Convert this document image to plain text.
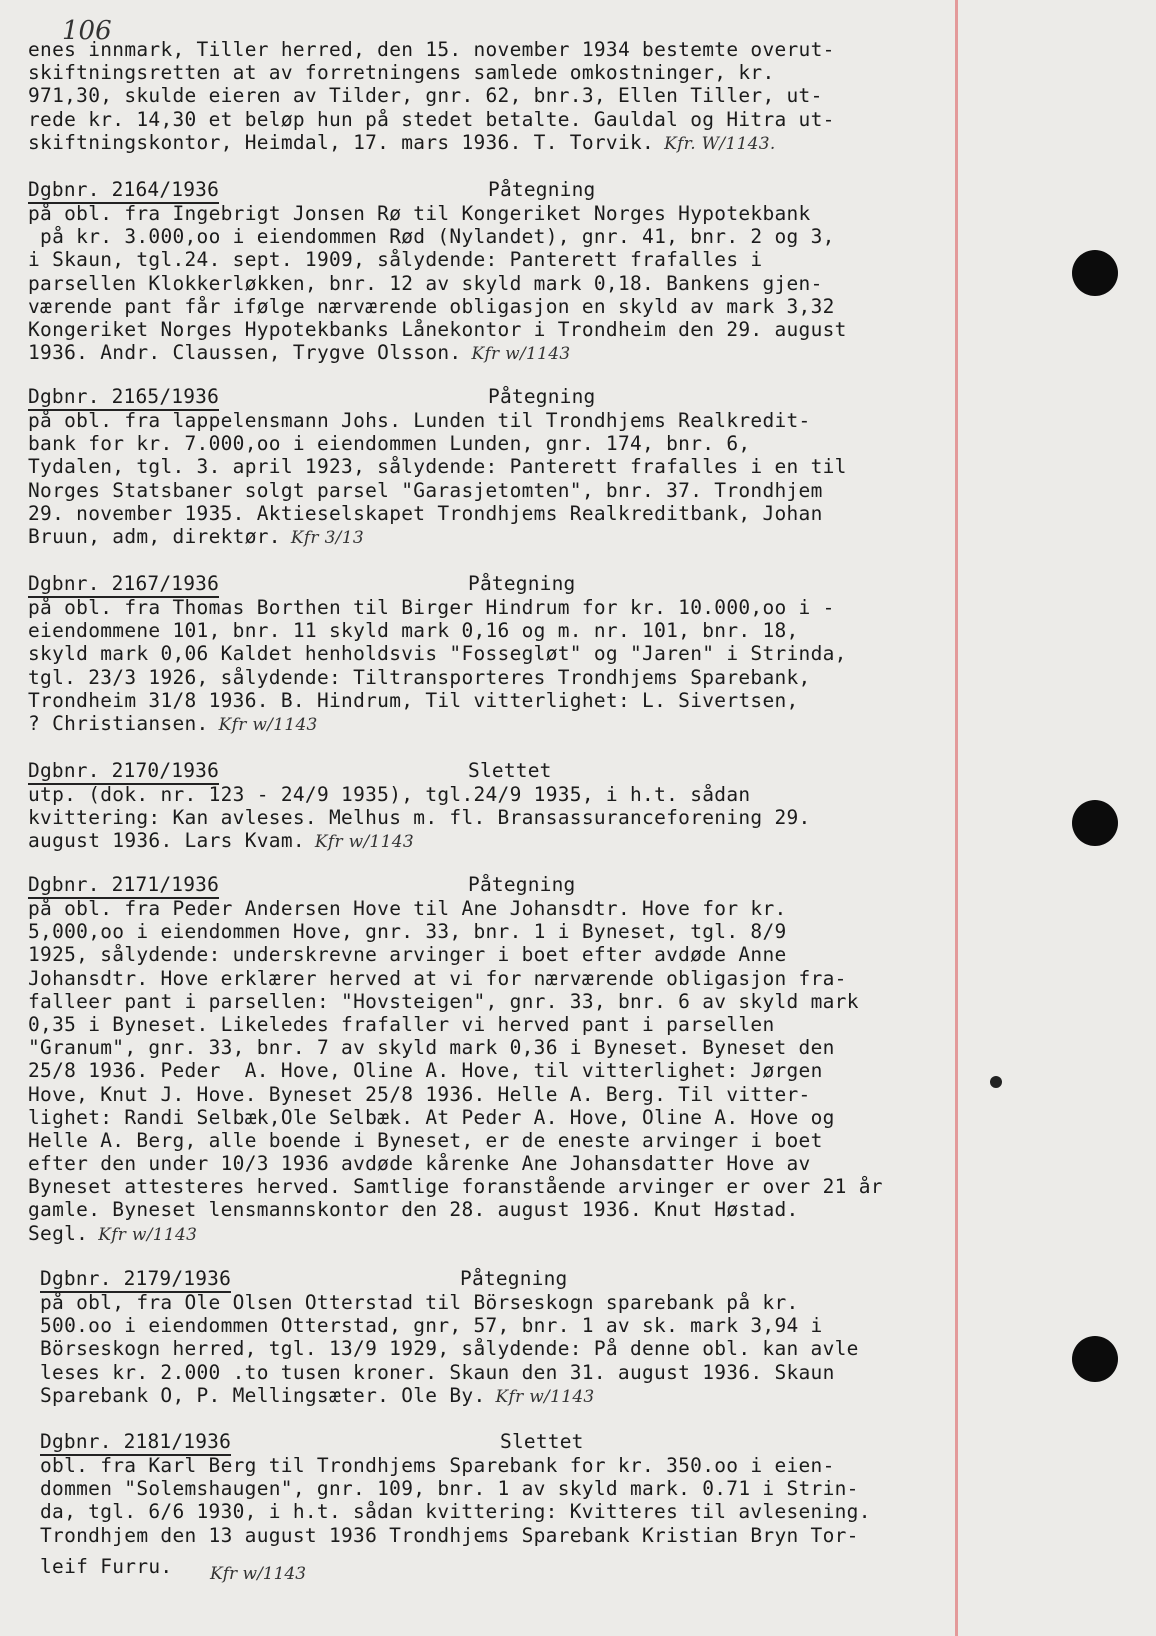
106
enes innmark, Tiller herred, den 15. november 1934 bestemte overut-
skiftningsretten at av forretningens samlede omkostninger, kr.
971,30, skulde eieren av Tilder, gnr. 62, bnr.3, Ellen Tiller, ut-
rede kr. 14,30 et beløp hun på stedet betalte. Gauldal og Hitra ut-
skiftningskontor, Heimdal, 17. mars 1936. T. Torvik. Kfr. W/1143.
Dgbnr. 2164/1936	Påtegning
på obl. fra Ingebrigt Jonsen Rø til Kongeriket Norges Hypotekbank
på kr. 3.000,oo i eiendommen Rød (Nylandet), gnr. 41, bnr. 2 og 3,
i Skaun, tgl.24. sept. 1909, sålydende: Panterett frafalles i
parsellen Klokkerløkken, bnr. 12 av skyld mark 0,18. Bankens gjen-
værende pant får ifølge nærværende obligasjon en skyld av mark 3,32
Kongeriket Norges Hypotekbanks Lånekontor i Trondheim den 29. august
1936. Andr. Claussen, Trygve Olsson. Kfr w/1143
Dgbnr. 2165/1936	Påtegning
på obl. fra lappelensmann Johs. Lunden til Trondhjems Realkredit-
bank for kr. 7.000,oo i eiendommen Lunden, gnr. 174, bnr. 6,
Tydalen, tgl. 3. april 1923, sålydende: Panterett frafalles i en til
Norges Statsbaner solgt parsel "Garasjetomten", bnr. 37. Trondhjem
29. november 1935. Aktieselskapet Trondhjems Realkreditbank, Johan
Bruun, adm, direktør. Kfr 3/13
Dgbnr. 2167/1936	Påtegning
på obl. fra Thomas Borthen til Birger Hindrum for kr. 10.000,oo i -
eiendommene 101, bnr. 11 skyld mark 0,16 og m. nr. 101, bnr. 18,
skyld mark 0,06 Kaldet henholdsvis "Fossegløt" og "Jaren" i Strinda,
tgl. 23/3 1926, sålydende: Tiltransporteres Trondhjems Sparebank,
Trondheim 31/8 1936. B. Hindrum, Til vitterlighet: L. Sivertsen,
? Christiansen. Kfr w/1143
Dgbnr. 2170/1936	Slettet
utp. (dok. nr. 123 - 24/9 1935), tgl.24/9 1935, i h.t. sådan
kvittering: Kan avleses. Melhus m. fl. Bransassuranceforening 29.
august 1936. Lars Kvam. Kfr w/1143
Dgbnr. 2171/1936	Påtegning
på obl. fra Peder Andersen Hove til Ane Johansdtr. Hove for kr.
5,000,oo i eiendommen Hove, gnr. 33, bnr. 1 i Byneset, tgl. 8/9
1925, sålydende: underskrevne arvinger i boet efter avdøde Anne
Johansdtr. Hove erklærer herved at vi for nærværende obligasjon fra-
falleer pant i parsellen: "Hovsteigen", gnr. 33, bnr. 6 av skyld mark
0,35 i Byneset. Likeledes frafaller vi herved pant i parsellen
"Granum", gnr. 33, bnr. 7 av skyld mark 0,36 i Byneset. Byneset den
25/8 1936. Peder  A. Hove, Oline A. Hove, til vitterlighet: Jørgen
Hove, Knut J. Hove. Byneset 25/8 1936. Helle A. Berg. Til vitter-
lighet: Randi Selbæk,Ole Selbæk. At Peder A. Hove, Oline A. Hove og
Helle A. Berg, alle boende i Byneset, er de eneste arvinger i boet
efter den under 10/3 1936 avdøde kårenke Ane Johansdatter Hove av
Byneset attesteres herved. Samtlige foranstående arvinger er over 21 år
gamle. Byneset lensmannskontor den 28. august 1936. Knut Høstad.
Segl. Kfr w/1143
Dgbnr. 2179/1936	Påtegning
på obl, fra Ole Olsen Otterstad til Börseskogn sparebank på kr.
500.oo i eiendommen Otterstad, gnr, 57, bnr. 1 av sk. mark 3,94 i
Börseskogn herred, tgl. 13/9 1929, sålydende: På denne obl. kan avle
leses kr. 2.000 .to tusen kroner. Skaun den 31. august 1936. Skaun
Sparebank O, P. Mellingsæter. Ole By. Kfr w/1143
Dgbnr. 2181/1936	Slettet
obl. fra Karl Berg til Trondhjems Sparebank for kr. 350.oo i eien-
dommen "Solemshaugen", gnr. 109, bnr. 1 av skyld mark. 0.71 i Strin-
da, tgl. 6/6 1930, i h.t. sådan kvittering: Kvitteres til avlesening.
Trondhjem den 13 august 1936 Trondhjems Sparebank Kristian Bryn Tor-
leif Furru.	Kfr w/1143
